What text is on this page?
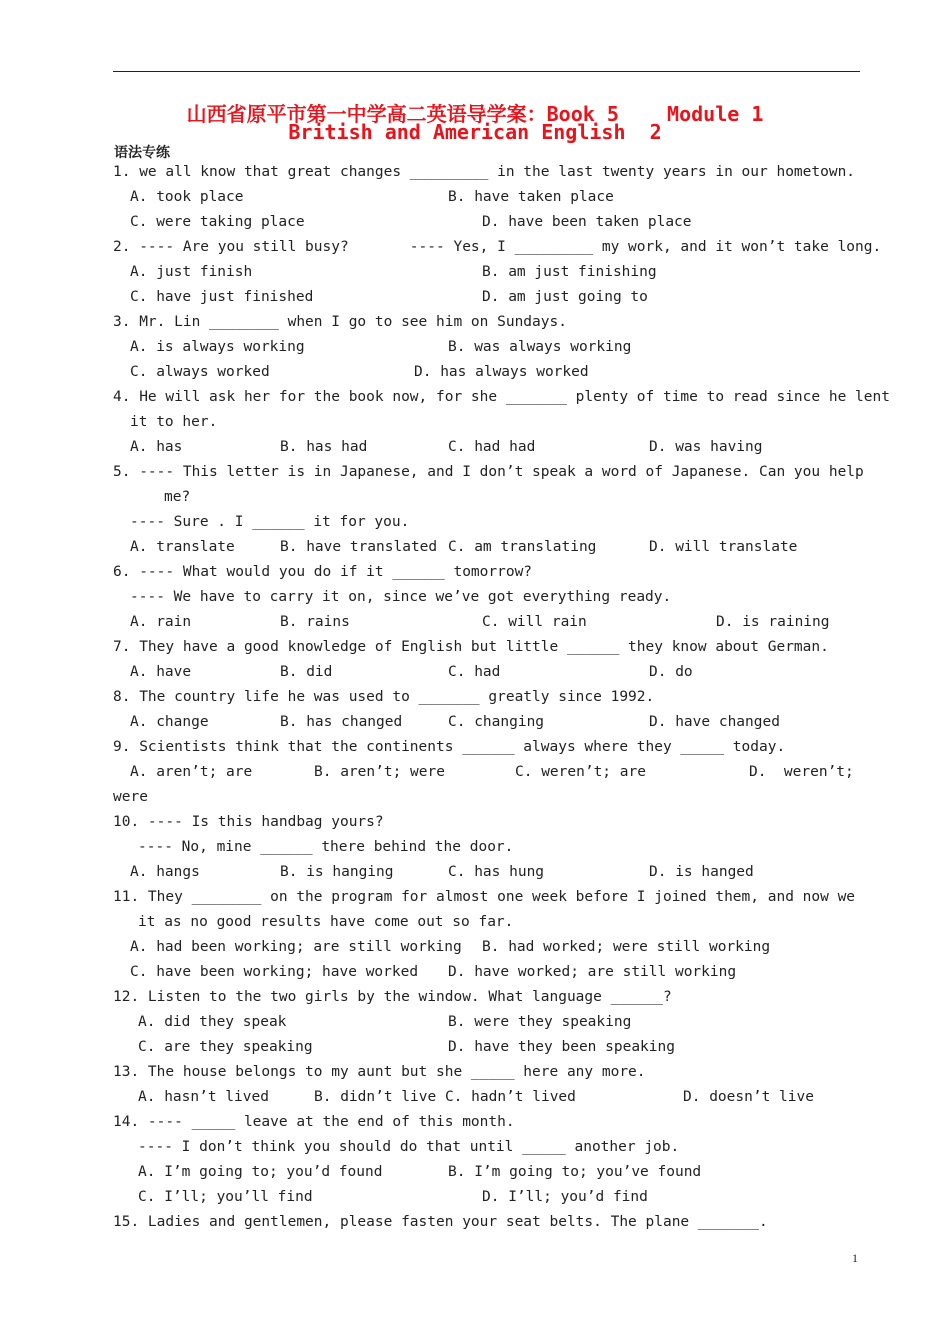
山西省原平市第一中学高二英语导学案：Book 5    Module 1
British and American English  2
语法专练
1. we all know that great changes _________ in the last twenty years in our hometown.
A. took place	B. have taken place
C. were taking place	D. have been taken place
2. ---- Are you still busy?       ---- Yes, I _________ my work, and it won’t take long.
A. just finish	B. am just finishing
C. have just finished	D. am just going to
3. Mr. Lin ________ when I go to see him on Sundays.
A. is always working	B. was always working
C. always worked	D. has always worked
4. He will ask her for the book now, for she _______ plenty of time to read since he lent
it to her.
A. has	B. has had	C. had had	D. was having
5. ---- This letter is in Japanese, and I don’t speak a word of Japanese. Can you help
me?
---- Sure . I ______ it for you.
A. translate	B. have translated C. am translating	D. will translate
6. ---- What would you do if it ______ tomorrow?
---- We have to carry it on, since we’ve got everything ready.
A. rain	B. rains	C. will rain	D. is raining
7. They have a good knowledge of English but little ______ they know about German.
A. have	B. did	C. had	D. do
8. The country life he was used to _______ greatly since 1992.
A. change	B. has changed	C. changing	D. have changed
9. Scientists think that the continents ______ always where they _____ today.
A. aren’t; are	B. aren’t; were	C. weren’t; are	D.  weren’t;
were
10. ---- Is this handbag yours?
---- No, mine ______ there behind the door.
A. hangs	B. is hanging	C. has hung	D. is hanged
11. They ________ on the program for almost one week before I joined them, and now we
it as no good results have come out so far.
A. had been working; are still working B. had worked; were still working
C. have been working; have worked D. have worked; are still working
12. Listen to the two girls by the window. What language ______?
A. did they speak	B. were they speaking
C. are they speaking	D. have they been speaking
13. The house belongs to my aunt but she _____ here any more.
A. hasn’t lived	B. didn’t live C. hadn’t lived	D. doesn’t live
14. ---- _____ leave at the end of this month.
---- I don’t think you should do that until _____ another job.
A. I’m going to; you’d found	B. I’m going to; you’ve found
C. I’ll; you’ll find	D. I’ll; you’d find
15. Ladies and gentlemen, please fasten your seat belts. The plane _______.
1
